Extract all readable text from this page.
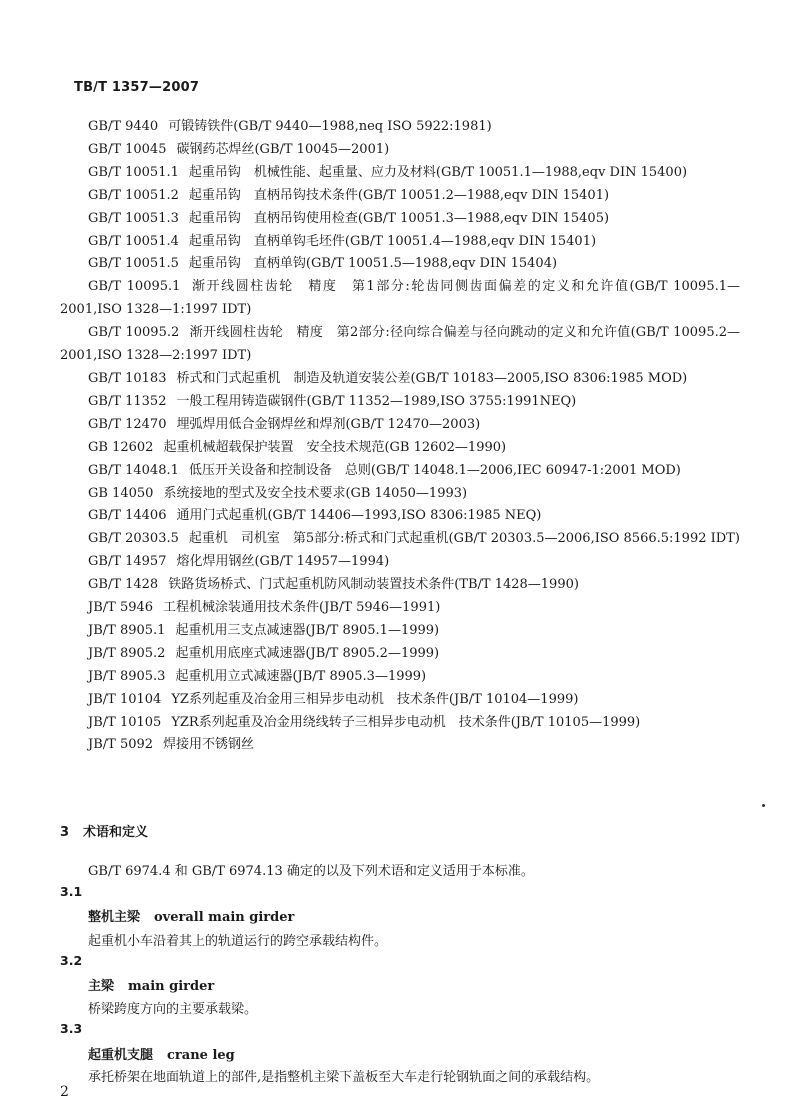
TB/T 1357—2007

GB/T 9440 可锻铸铁件(GB/T 9440—1988,neq ISO 5922:1981)

GB/T 10045 碳钢药芯焊丝(GB/T 10045—2001)

GB/T 10051.1 起重吊钩　机械性能、起重量、应力及材料(GB/T 10051.1—1988,eqv DIN 15400)

GB/T 10051.2 起重吊钩　直柄吊钩技术条件(GB/T 10051.2—1988,eqv DIN 15401)

GB/T 10051.3 起重吊钩　直柄吊钩使用检查(GB/T 10051.3—1988,eqv DIN 15405)

GB/T 10051.4 起重吊钩　直柄单钩毛坯件(GB/T 10051.4—1988,eqv DIN 15401)

GB/T 10051.5 起重吊钩　直柄单钩(GB/T 10051.5—1988,eqv DIN 15404)

GB/T 10095.1 渐开线圆柱齿轮　精度　第1部分:轮齿同侧齿面偏差的定义和允许值(GB/T 10095.1—2001,ISO 1328—1:1997 IDT)

GB/T 10095.2 渐开线圆柱齿轮　精度　第2部分:径向综合偏差与径向跳动的定义和允许值(GB/T 10095.2—2001,ISO 1328—2:1997 IDT)

GB/T 10183 桥式和门式起重机　制造及轨道安装公差(GB/T 10183—2005,ISO 8306:1985 MOD)

GB/T 11352 一般工程用铸造碳钢件(GB/T 11352—1989,ISO 3755:1991NEQ)

GB/T 12470 埋弧焊用低合金钢焊丝和焊剂(GB/T 12470—2003)

GB 12602 起重机械超载保护装置　安全技术规范(GB 12602—1990)

GB/T 14048.1 低压开关设备和控制设备　总则(GB/T 14048.1—2006,IEC 60947-1:2001 MOD)

GB 14050 系统接地的型式及安全技术要求(GB 14050—1993)

GB/T 14406 通用门式起重机(GB/T 14406—1993,ISO 8306:1985 NEQ)

GB/T 20303.5 起重机　司机室　第5部分:桥式和门式起重机(GB/T 20303.5—2006,ISO 8566.5:1992 IDT)

GB/T 14957 熔化焊用钢丝(GB/T 14957—1994)

GB/T 1428 铁路货场桥式、门式起重机防风制动装置技术条件(TB/T 1428—1990)

JB/T 5946 工程机械涂装通用技术条件(JB/T 5946—1991)

JB/T 8905.1 起重机用三支点减速器(JB/T 8905.1—1999)

JB/T 8905.2 起重机用底座式减速器(JB/T 8905.2—1999)

JB/T 8905.3 起重机用立式减速器(JB/T 8905.3—1999)

JB/T 10104 YZ系列起重及冶金用三相异步电动机　技术条件(JB/T 10104—1999)

JB/T 10105 YZR系列起重及冶金用绕线转子三相异步电动机　技术条件(JB/T 10105—1999)

JB/T 5092 焊接用不锈钢丝

3 术语和定义
GB/T 6974.4 和 GB/T 6974.13 确定的以及下列术语和定义适用于本标准。
3.1
整机主梁 overall main girder
起重机小车沿着其上的轨道运行的跨空承载结构件。
3.2
主梁 main girder
桥梁跨度方向的主要承载梁。
3.3
起重机支腿 crane leg
承托桥架在地面轨道上的部件,是指整机主梁下盖板至大车走行轮钢轨面之间的承载结构。
2
